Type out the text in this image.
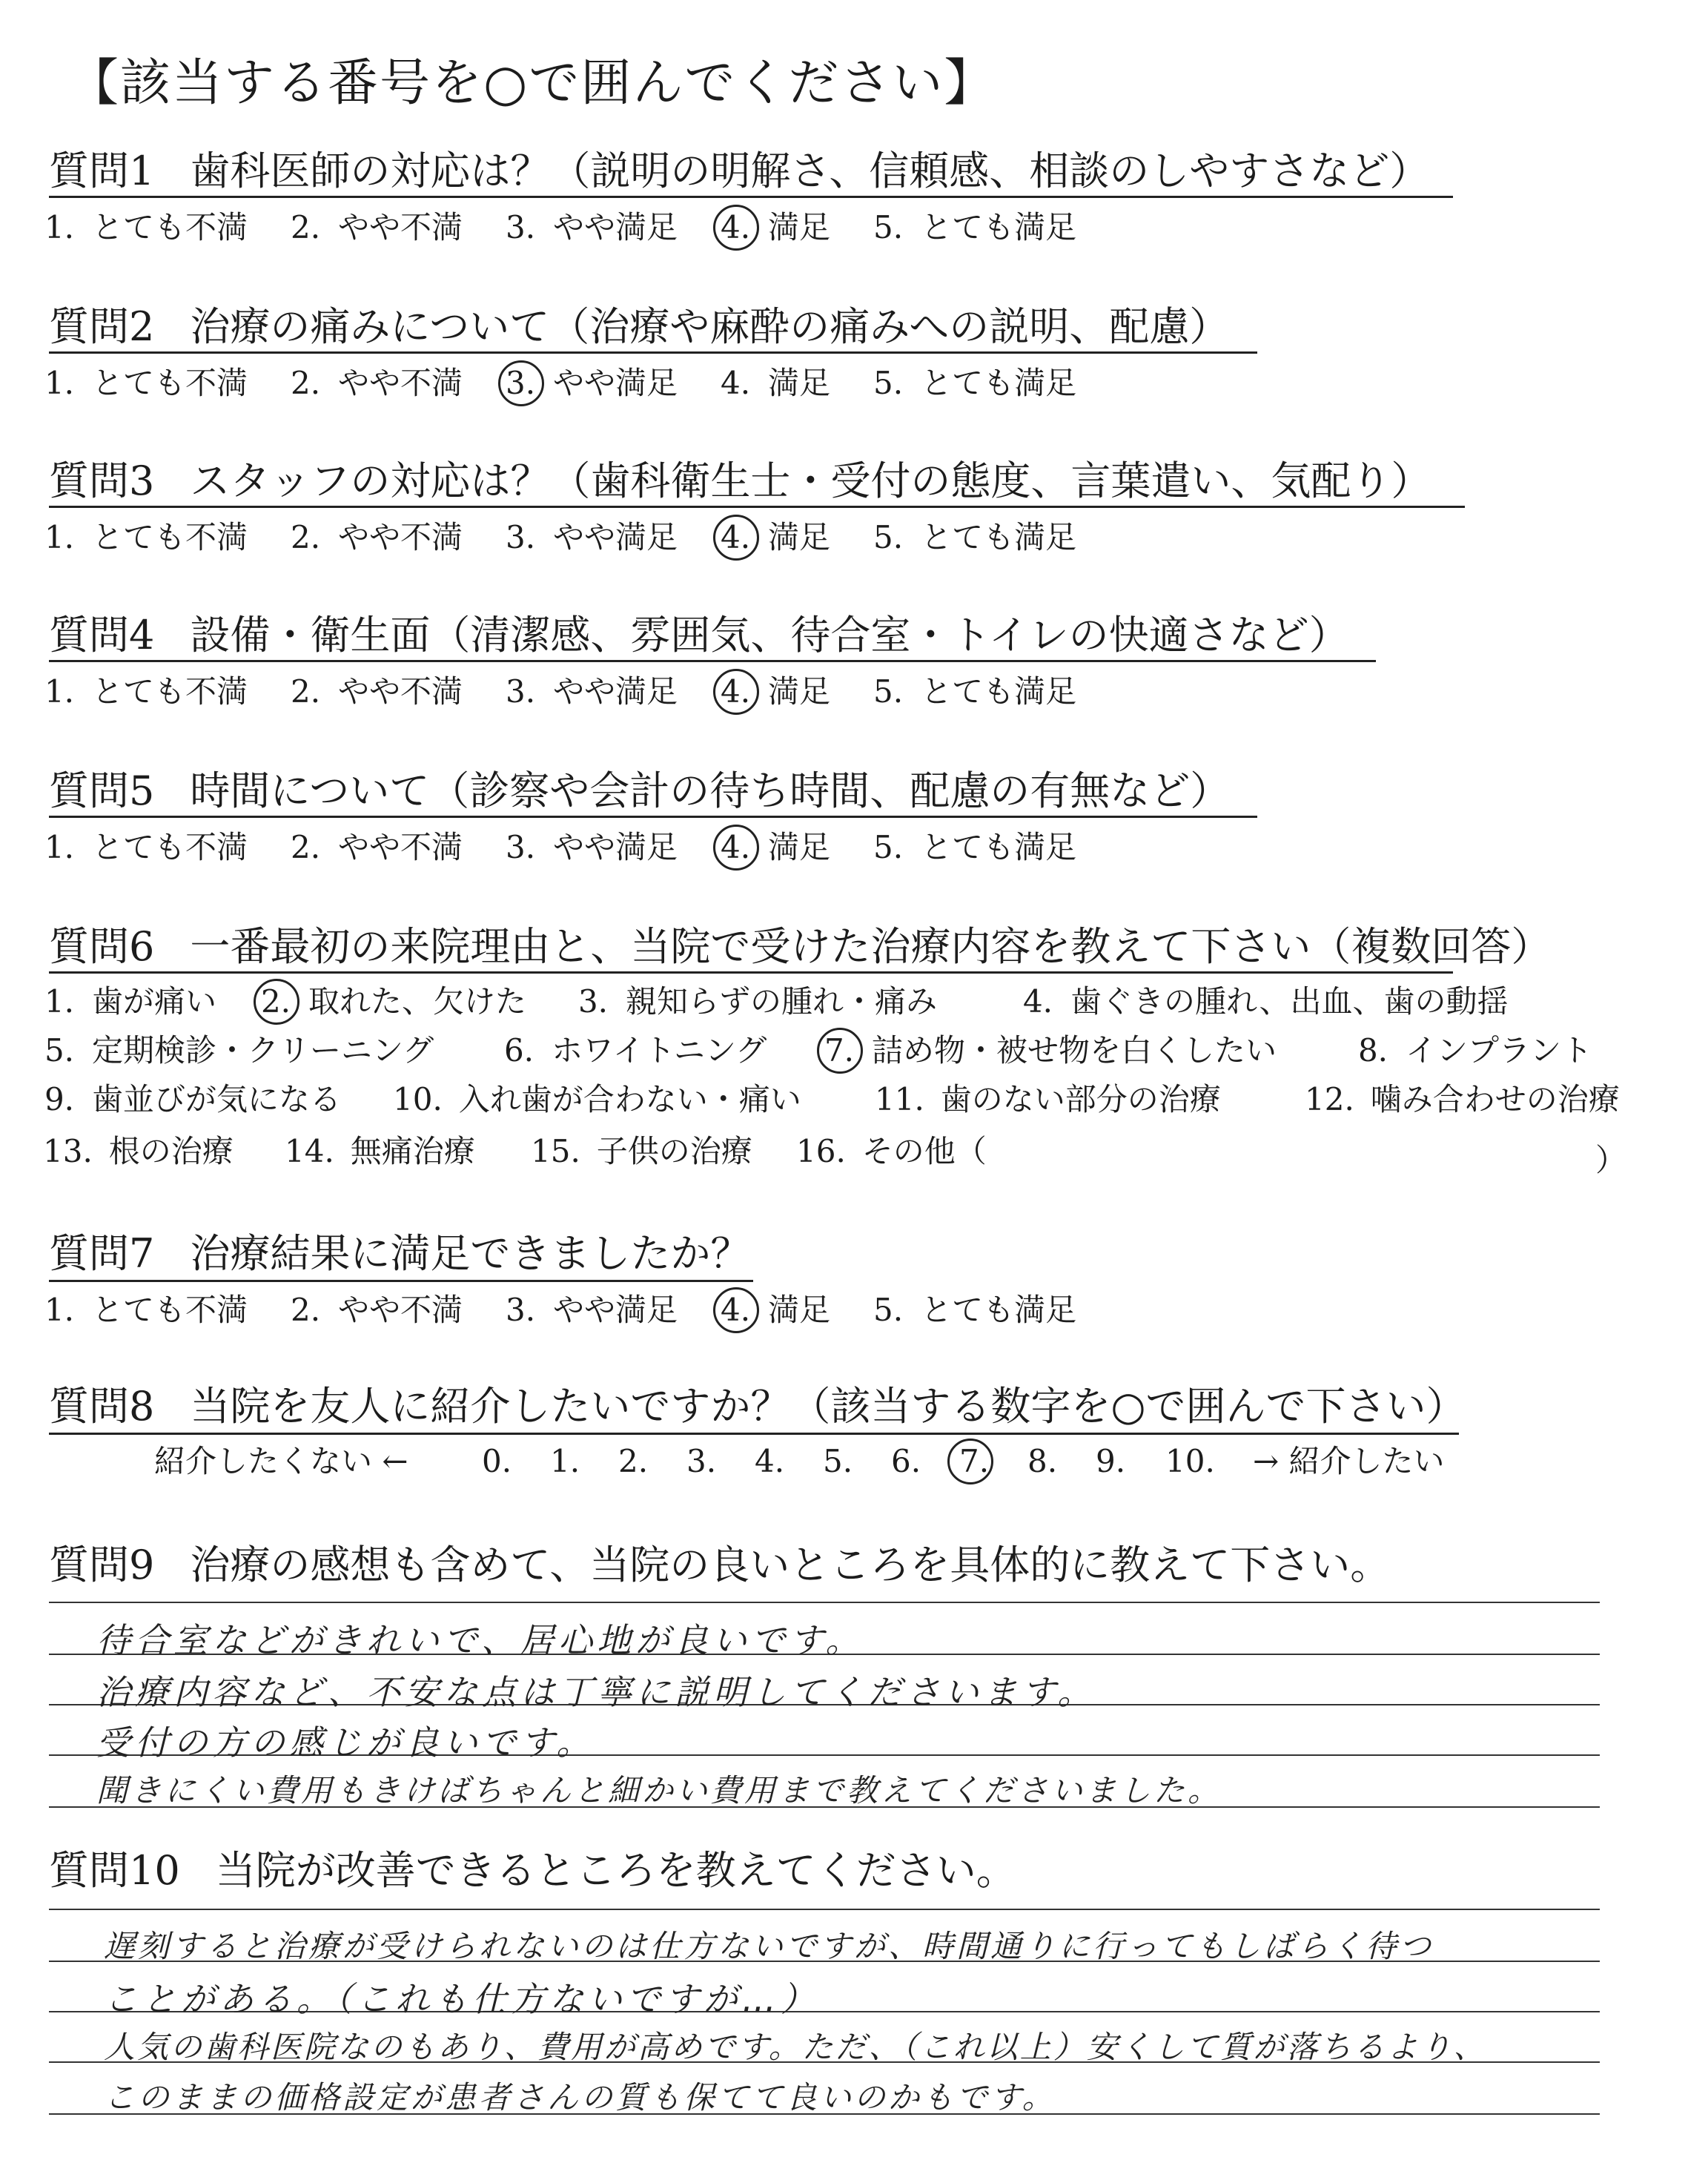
【該当する番号を○で囲んでください】
質問1 歯科医師の対応は？（説明の明解さ、信頼感、相談のしやすさなど）
1. とても不満 2. やや不満 3. やや満足 4. 満足 5. とても満足
質問2 治療の痛みについて（治療や麻酔の痛みへの説明、配慮）
1. とても不満 2. やや不満 3. やや満足 4. 満足 5. とても満足
質問3 スタッフの対応は？（歯科衛生士・受付の態度、言葉遣い、気配り）
1. とても不満 2. やや不満 3. やや満足 4. 満足 5. とても満足
質問4 設備・衛生面（清潔感、雰囲気、待合室・トイレの快適さなど）
1. とても不満 2. やや不満 3. やや満足 4. 満足 5. とても満足
質問5 時間について（診察や会計の待ち時間、配慮の有無など）
1. とても不満 2. やや不満 3. やや満足 4. 満足 5. とても満足
質問6 一番最初の来院理由と、当院で受けた治療内容を教えて下さい（複数回答）
1. 歯が痛い 2. 取れた、欠けた 3. 親知らずの腫れ・痛み	4. 歯ぐきの腫れ、出血、歯の動揺
5. 定期検診・クリーニング 6. ホワイトニング 7. 詰め物・被せ物を白くしたい	8. インプラント
9. 歯並びが気になる 10. 入れ歯が合わない・痛い 11. 歯のない部分の治療	12. 噛み合わせの治療
13. 根の治療 14. 無痛治療 15. 子供の治療 16. その他（	）
質問7 治療結果に満足できましたか？
1. とても不満 2. やや不満 3. やや満足 4. 満足 5. とても満足
質問8 当院を友人に紹介したいですか？（該当する数字を○で囲んで下さい）
紹介したくない ← 0. 1. 2. 3. 4. 5. 6. 7. 8. 9. 10. → 紹介したい
質問9 治療の感想も含めて、当院の良いところを具体的に教えて下さい。
待合室などがきれいで、居心地が良いです。
治療内容など、不安な点は丁寧に説明してくださいます。
受付の方の感じが良いです。
聞きにくい費用もきけばちゃんと細かい費用まで教えてくださいました。
質問10 当院が改善できるところを教えてください。
遅刻すると治療が受けられないのは仕方ないですが、時間通りに行ってもしばらく待つ
ことがある。（これも仕方ないですが…）
人気の歯科医院なのもあり、費用が高めです。ただ、（これ以上）安くして質が落ちるより、
このままの価格設定が患者さんの質も保てて良いのかもです。
